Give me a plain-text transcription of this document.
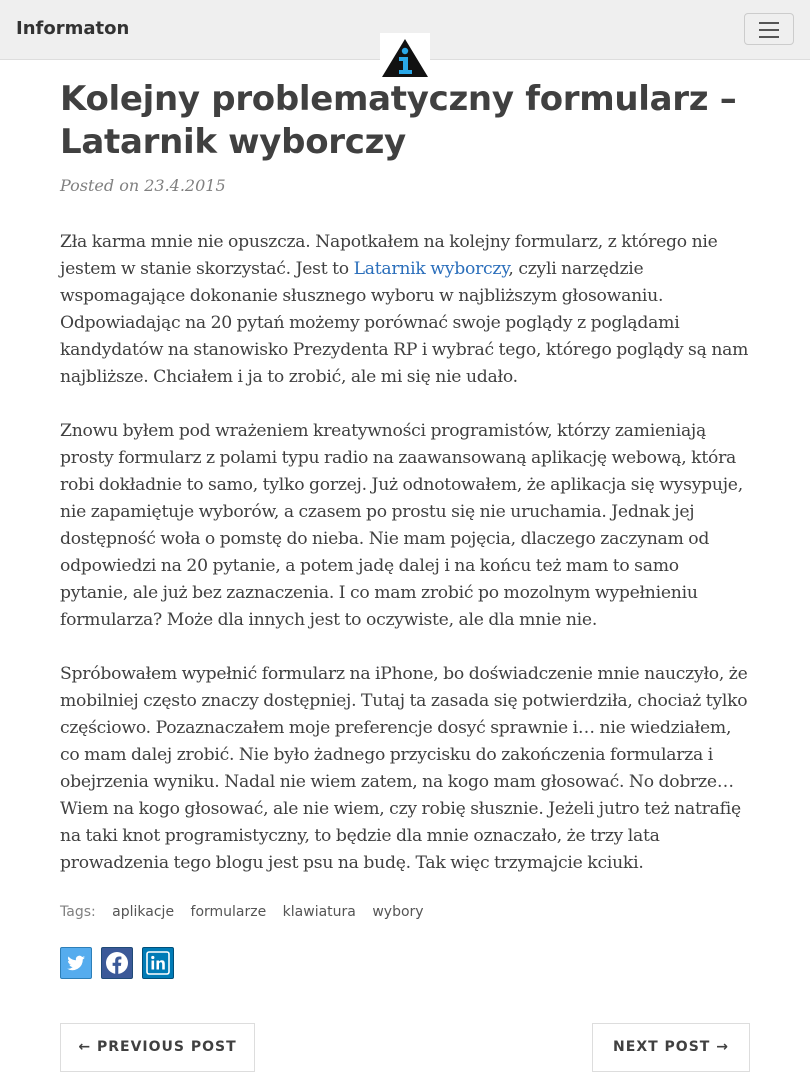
Informaton
Kolejny problematyczny formularz – Latarnik wyborczy
Posted on 23.4.2015

Zła karma mnie nie opuszcza. Napotkałem na kolejny formularz, z którego nie jestem w stanie skorzystać. Jest to Latarnik wyborczy, czyli narzędzie wspomagające dokonanie słusznego wyboru w najbliższym głosowaniu. Odpowiadając na 20 pytań możemy porównać swoje poglądy z poglądami kandydatów na stanowisko Prezydenta RP i wybrać tego, którego poglądy są nam najbliższe. Chciałem i ja to zrobić, ale mi się nie udało.

Znowu byłem pod wrażeniem kreatywności programistów, którzy zamieniają prosty formularz z polami typu radio na zaawansowaną aplikację webową, która robi dokładnie to samo, tylko gorzej. Już odnotowałem, że aplikacja się wysypuje, nie zapamiętuje wyborów, a czasem po prostu się nie uruchamia. Jednak jej dostępność woła o pomstę do nieba. Nie mam pojęcia, dlaczego zaczynam od odpowiedzi na 20 pytanie, a potem jadę dalej i na końcu też mam to samo pytanie, ale już bez zaznaczenia. I co mam zrobić po mozolnym wypełnieniu formularza? Może dla innych jest to oczywiste, ale dla mnie nie.

Spróbowałem wypełnić formularz na iPhone, bo doświadczenie mnie nauczyło, że mobilniej często znaczy dostępniej. Tutaj ta zasada się potwierdziła, chociaż tylko częściowo. Pozaznaczałem moje preferencje dosyć sprawnie i… nie wiedziałem, co mam dalej zrobić. Nie było żadnego przycisku do zakończenia formularza i obejrzenia wyniku. Nadal nie wiem zatem, na kogo mam głosować. No dobrze… Wiem na kogo głosować, ale nie wiem, czy robię słusznie. Jeżeli jutro też natrafię na taki knot programistyczny, to będzie dla mnie oznaczało, że trzy lata prowadzenia tego blogu jest psu na budę. Tak więc trzymajcie kciuki.

Tags: aplikacje formularze klawiatura wybory

← PREVIOUS POST	NEXT POST →
